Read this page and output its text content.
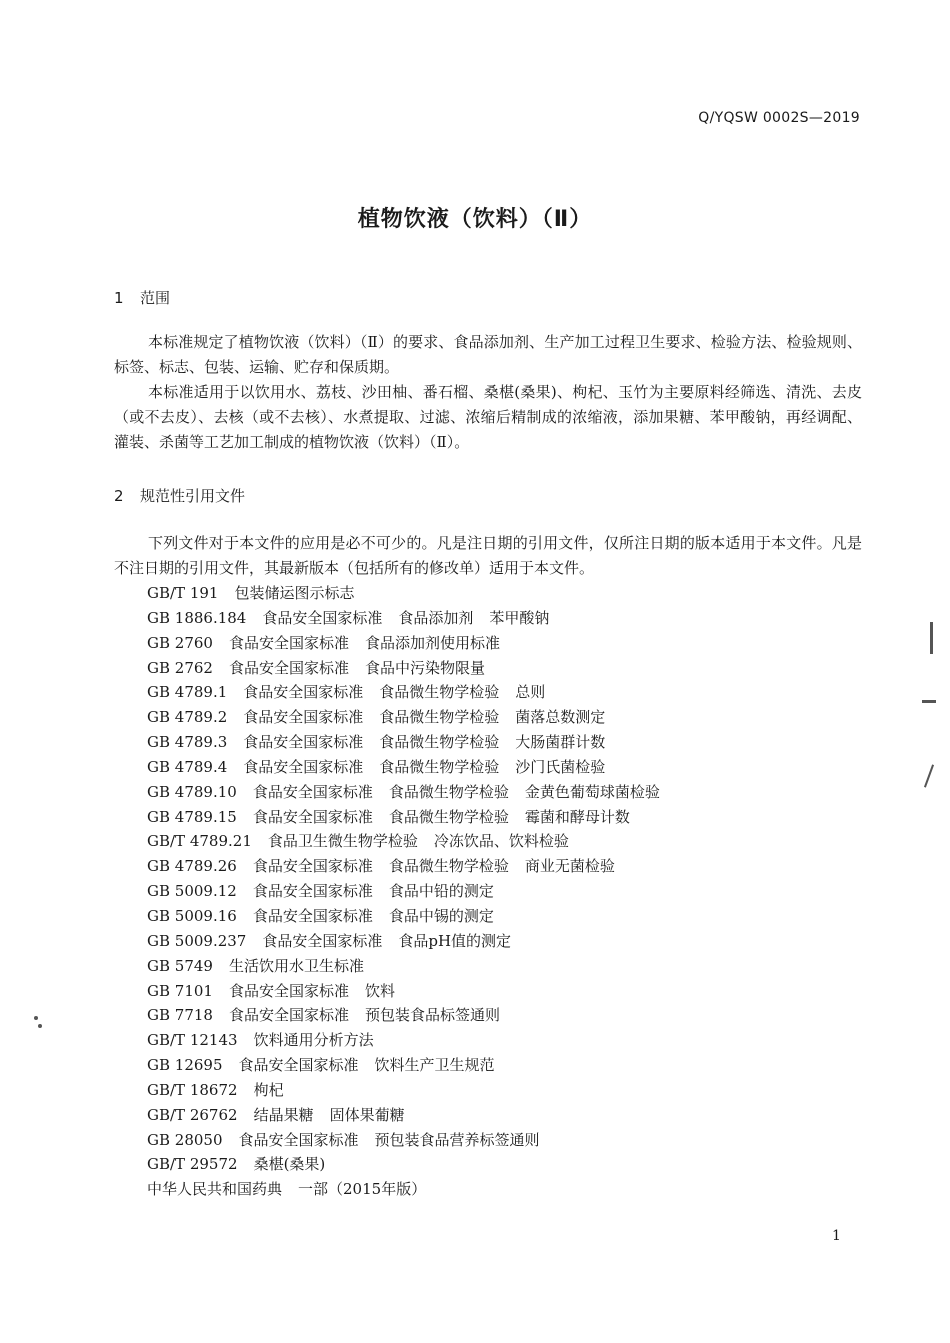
Q/YQSW 0002S—2019
植物饮液（饮料）（Ⅱ）
1 范围

本标准规定了植物饮液（饮料）（Ⅱ）的要求、食品添加剂、生产加工过程卫生要求、检验方法、检验规则、标签、标志、包装、运输、贮存和保质期。

本标准适用于以饮用水、荔枝、沙田柚、番石榴、桑椹(桑果)、枸杞、玉竹为主要原料经筛选、清洗、去皮（或不去皮）、去核（或不去核）、水煮提取、过滤、浓缩后精制成的浓缩液，添加果糖、苯甲酸钠，再经调配、灌装、杀菌等工艺加工制成的植物饮液（饮料）（Ⅱ）。

2 规范性引用文件

下列文件对于本文件的应用是必不可少的。凡是注日期的引用文件，仅所注日期的版本适用于本文件。凡是不注日期的引用文件，其最新版本（包括所有的修改单）适用于本文件。

GB/T 191 包装储运图示标志
GB 1886.184 食品安全国家标准 食品添加剂 苯甲酸钠
GB 2760 食品安全国家标准 食品添加剂使用标准
GB 2762 食品安全国家标准 食品中污染物限量
GB 4789.1 食品安全国家标准 食品微生物学检验 总则
GB 4789.2 食品安全国家标准 食品微生物学检验 菌落总数测定
GB 4789.3 食品安全国家标准 食品微生物学检验 大肠菌群计数
GB 4789.4 食品安全国家标准 食品微生物学检验 沙门氏菌检验
GB 4789.10 食品安全国家标准 食品微生物学检验 金黄色葡萄球菌检验
GB 4789.15 食品安全国家标准 食品微生物学检验 霉菌和酵母计数
GB/T 4789.21 食品卫生微生物学检验 冷冻饮品、饮料检验
GB 4789.26 食品安全国家标准 食品微生物学检验 商业无菌检验
GB 5009.12 食品安全国家标准 食品中铅的测定
GB 5009.16 食品安全国家标准 食品中锡的测定
GB 5009.237 食品安全国家标准 食品pH值的测定
GB 5749 生活饮用水卫生标准
GB 7101 食品安全国家标准 饮料
GB 7718 食品安全国家标准 预包装食品标签通则
GB/T 12143 饮料通用分析方法
GB 12695 食品安全国家标准 饮料生产卫生规范
GB/T 18672 枸杞
GB/T 26762 结晶果糖 固体果葡糖
GB 28050 食品安全国家标准 预包装食品营养标签通则
GB/T 29572 桑椹(桑果)
中华人民共和国药典 一部（2015年版）
1
